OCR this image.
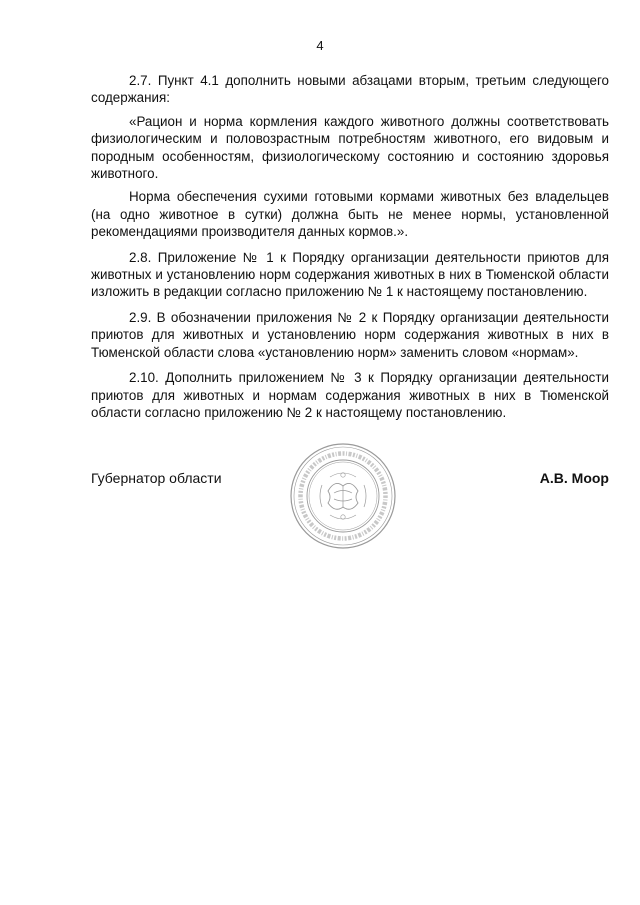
4

2.7. Пункт 4.1 дополнить новыми абзацами вторым, третьим следующего содержания:

«Рацион и норма кормления каждого животного должны соответствовать физиологическим и половозрастным потребностям животного, его видовым и породным особенностям, физиологическому состоянию и состоянию здоровья животного.

Норма обеспечения сухими готовыми кормами животных без владельцев (на одно животное в сутки) должна быть не менее нормы, установленной рекомендациями производителя данных кормов.».

2.8. Приложение № 1 к Порядку организации деятельности приютов для животных и установлению норм содержания животных в них в Тюменской области изложить в редакции согласно приложению № 1 к настоящему постановлению.

2.9. В обозначении приложения № 2 к Порядку организации деятельности приютов для животных и установлению норм содержания животных в них в Тюменской области слова «установлению норм» заменить словом «нормам».

2.10. Дополнить приложением № 3 к Порядку организации деятельности приютов для животных и нормам содержания животных в них в Тюменской области согласно приложению № 2 к настоящему постановлению.

Губернатор области	А.В. Моор
